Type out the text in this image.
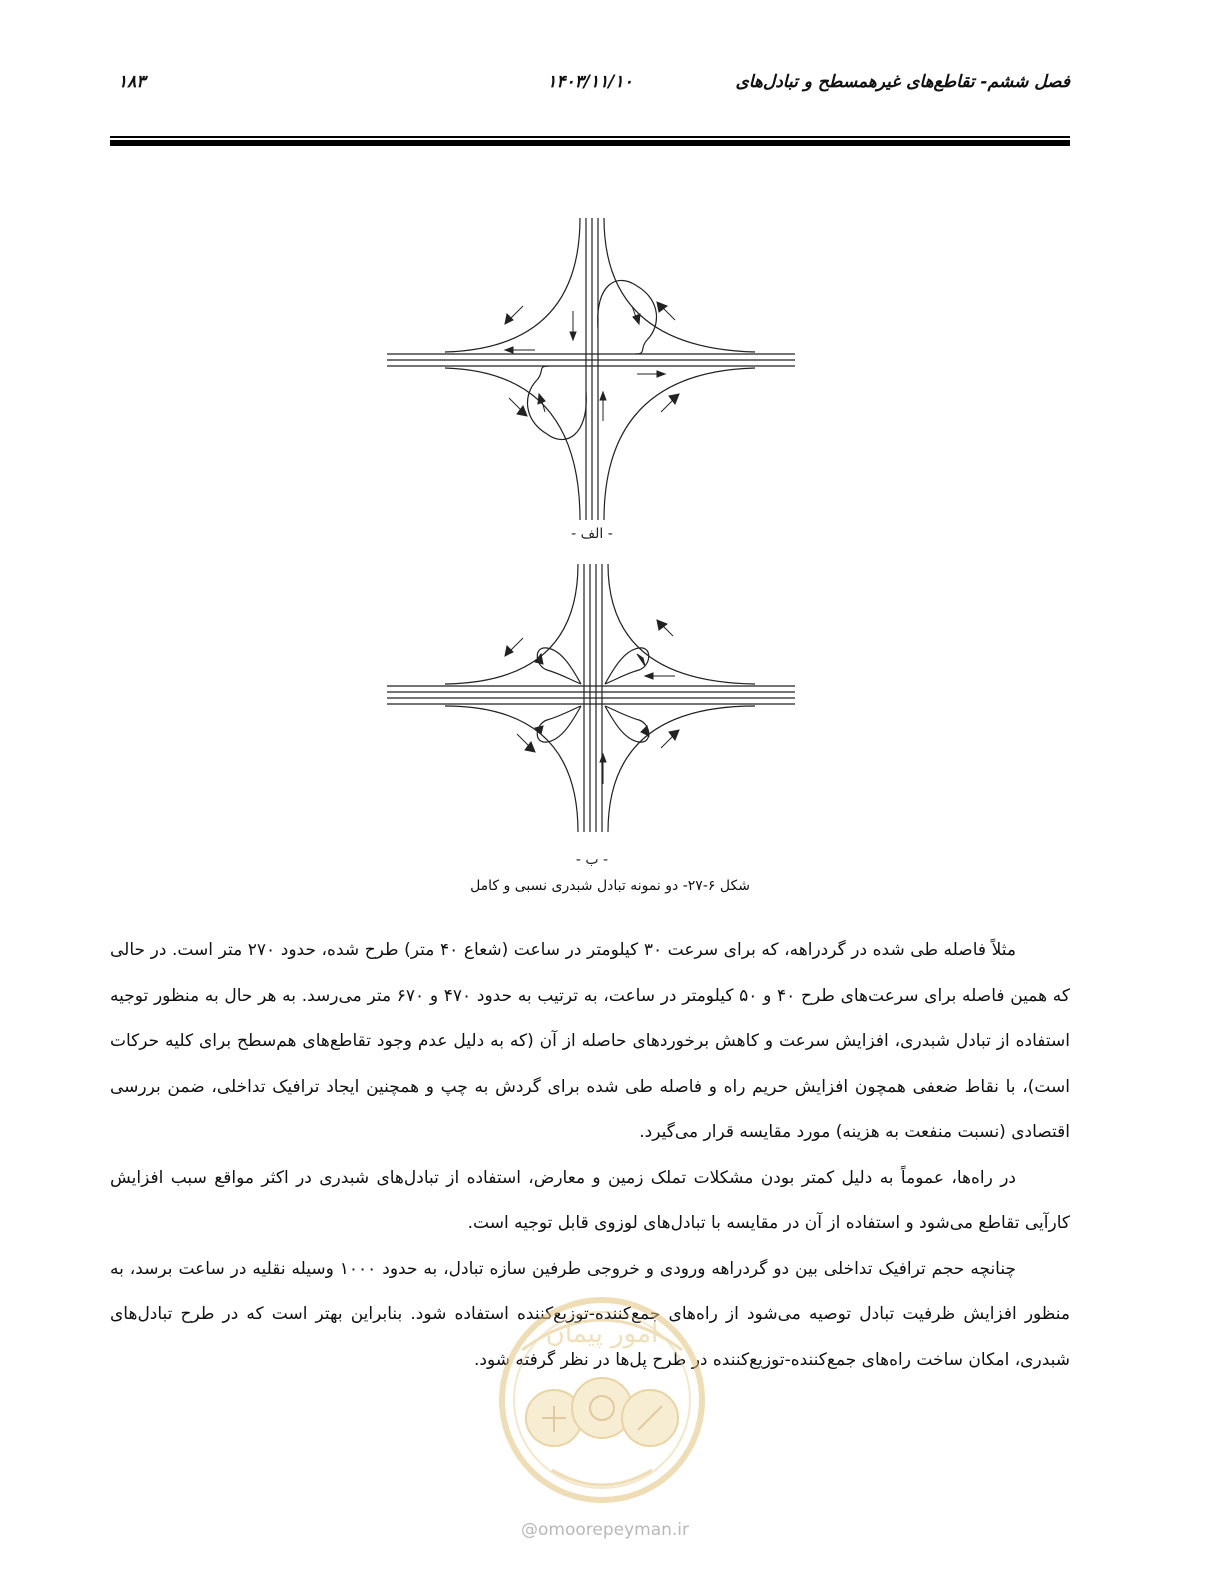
فصل ششم- تقاطع‌های غیرهمسطح و تبادل‌های
۱۴۰۳/۱۱/۱۰
۱۸۳
- الف -
- ب -
شکل ۶-۲۷- دو نمونه تبادل شبدری نسبی و کامل

مثلاً فاصله طی شده در گردراهه، که برای سرعت ۳۰ کیلومتر در ساعت (شعاع ۴۰ متر) طرح شده، حدود ۲۷۰ متر است. در حالی که همین فاصله برای سرعت‌های طرح ۴۰ و ۵۰ کیلومتر در ساعت، به ترتیب به حدود ۴۷۰ و ۶۷۰ متر می‌رسد. به هر حال به منظور توجیه استفاده از تبادل شبدری، افزایش سرعت و کاهش برخوردهای حاصله از آن (که به دلیل عدم وجود تقاطع‌های هم‌سطح برای کلیه حرکات است)، با نقاط ضعفی همچون افزایش حریم راه و فاصله طی شده برای گردش به چپ و همچنین ایجاد ترافیک تداخلی، ضمن بررسی اقتصادی (نسبت منفعت به هزینه) مورد مقایسه قرار می‌گیرد.

در راه‌ها، عموماً به دلیل کمتر بودن مشکلات تملک زمین و معارض، استفاده از تبادل‌های شبدری در اکثر مواقع سبب افزایش کارآیی تقاطع می‌شود و استفاده از آن در مقایسه با تبادل‌های لوزوی قابل توجیه است.

چنانچه حجم ترافیک تداخلی بین دو گردراهه ورودی و خروجی طرفین سازه تبادل، به حدود ۱۰۰۰ وسیله نقلیه در ساعت برسد، به منظور افزایش ظرفیت تبادل توصیه می‌شود از راه‌های جمع‌کننده-توزیع‌کننده استفاده شود. بنابراین بهتر است که در طرح تبادل‌های شبدری، امکان ساخت راه‌های جمع‌کننده-توزیع‌کننده در طرح پل‌ها در نظر گرفته شود.

امور پیمان
@omoorepeyman.ir
